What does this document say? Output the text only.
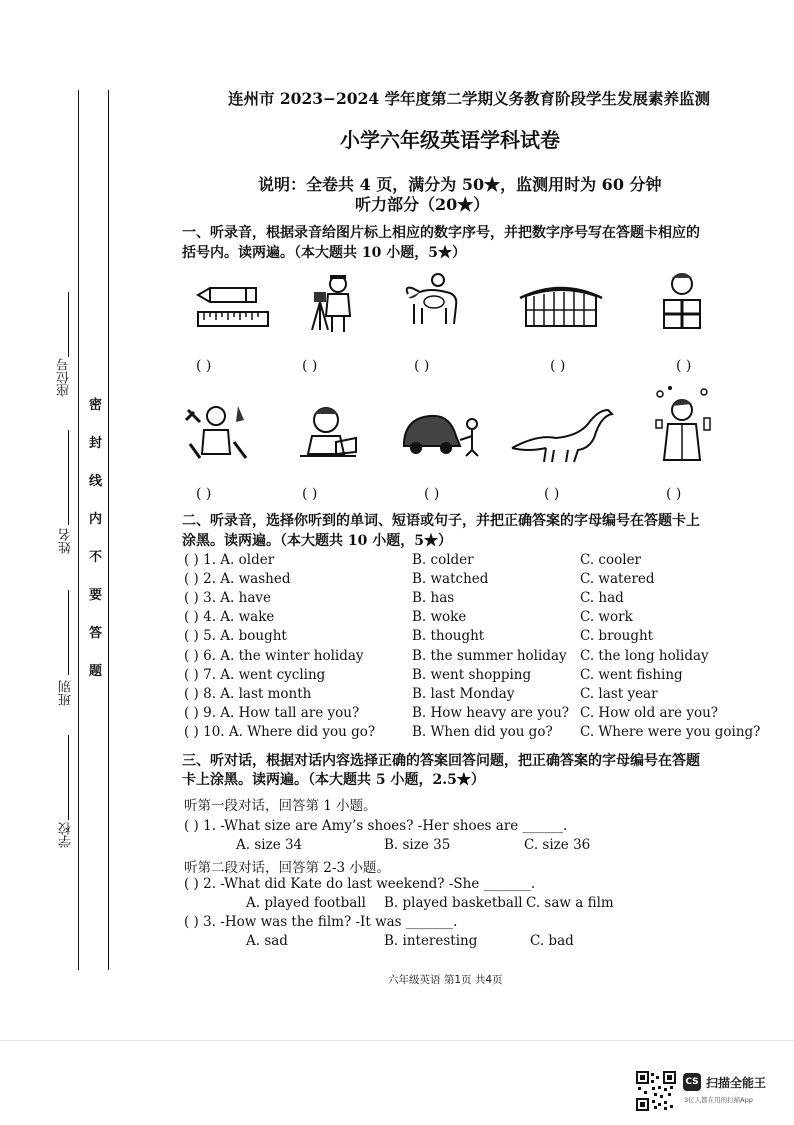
连州市 2023−2024 学年度第二学期义务教育阶段学生发展素养监测
小学六年级英语学科试卷
说明：全卷共 4 页，满分为 50★，监测用时为 60 分钟
听力部分（20★）
座位号
姓名
班别
学校
密
封
线
内
不
要
答
题
一、听录音，根据录音给图片标上相应的数字序号，并把数字序号写在答题卡相应的
括号内。读两遍。（本大题共 10 小题，5★）
( )	( )	( )	( )	( )
( )	( )	( )	( )	( )
二、听录音，选择你听到的单词、短语或句子，并把正确答案的字母编号在答题卡上
涂黑。读两遍。（本大题共 10 小题，5★）
( ) 1. A. older	B. colder	C. cooler
( ) 2. A. washed	B. watched	C. watered
( ) 3. A. have	B. has	C. had
( ) 4. A. wake	B. woke	C. work
( ) 5. A. bought	B. thought	C. brought
( ) 6. A. the winter holiday	B. the summer holiday C. the long holiday
( ) 7. A. went cycling	B. went shopping	C. went fishing
( ) 8. A. last month	B. last Monday	C. last year
( ) 9. A. How tall are you?	B. How heavy are you? C. How old are you?
( ) 10. A. Where did you go?	B. When did you go? C. Where were you going?
三、听对话，根据对话内容选择正确的答案回答问题，把正确答案的字母编号在答题
卡上涂黑。读两遍。（本大题共 5 小题，2.5★）
听第一段对话，回答第 1 小题。
( ) 1. -What size are Amy’s shoes? -Her shoes are ______.
A. size 34	B. size 35	C. size 36
听第二段对话，回答第 2-3 小题。
( ) 2. -What did Kate do last weekend? -She _______.
A. played football B. played basketball C. saw a film
( ) 3. -How was the film? -It was _______.
A. sad	B. interesting	C. bad
六年级英语 第1页 共4页
CS 扫描全能王
3亿人都在用的扫描App
